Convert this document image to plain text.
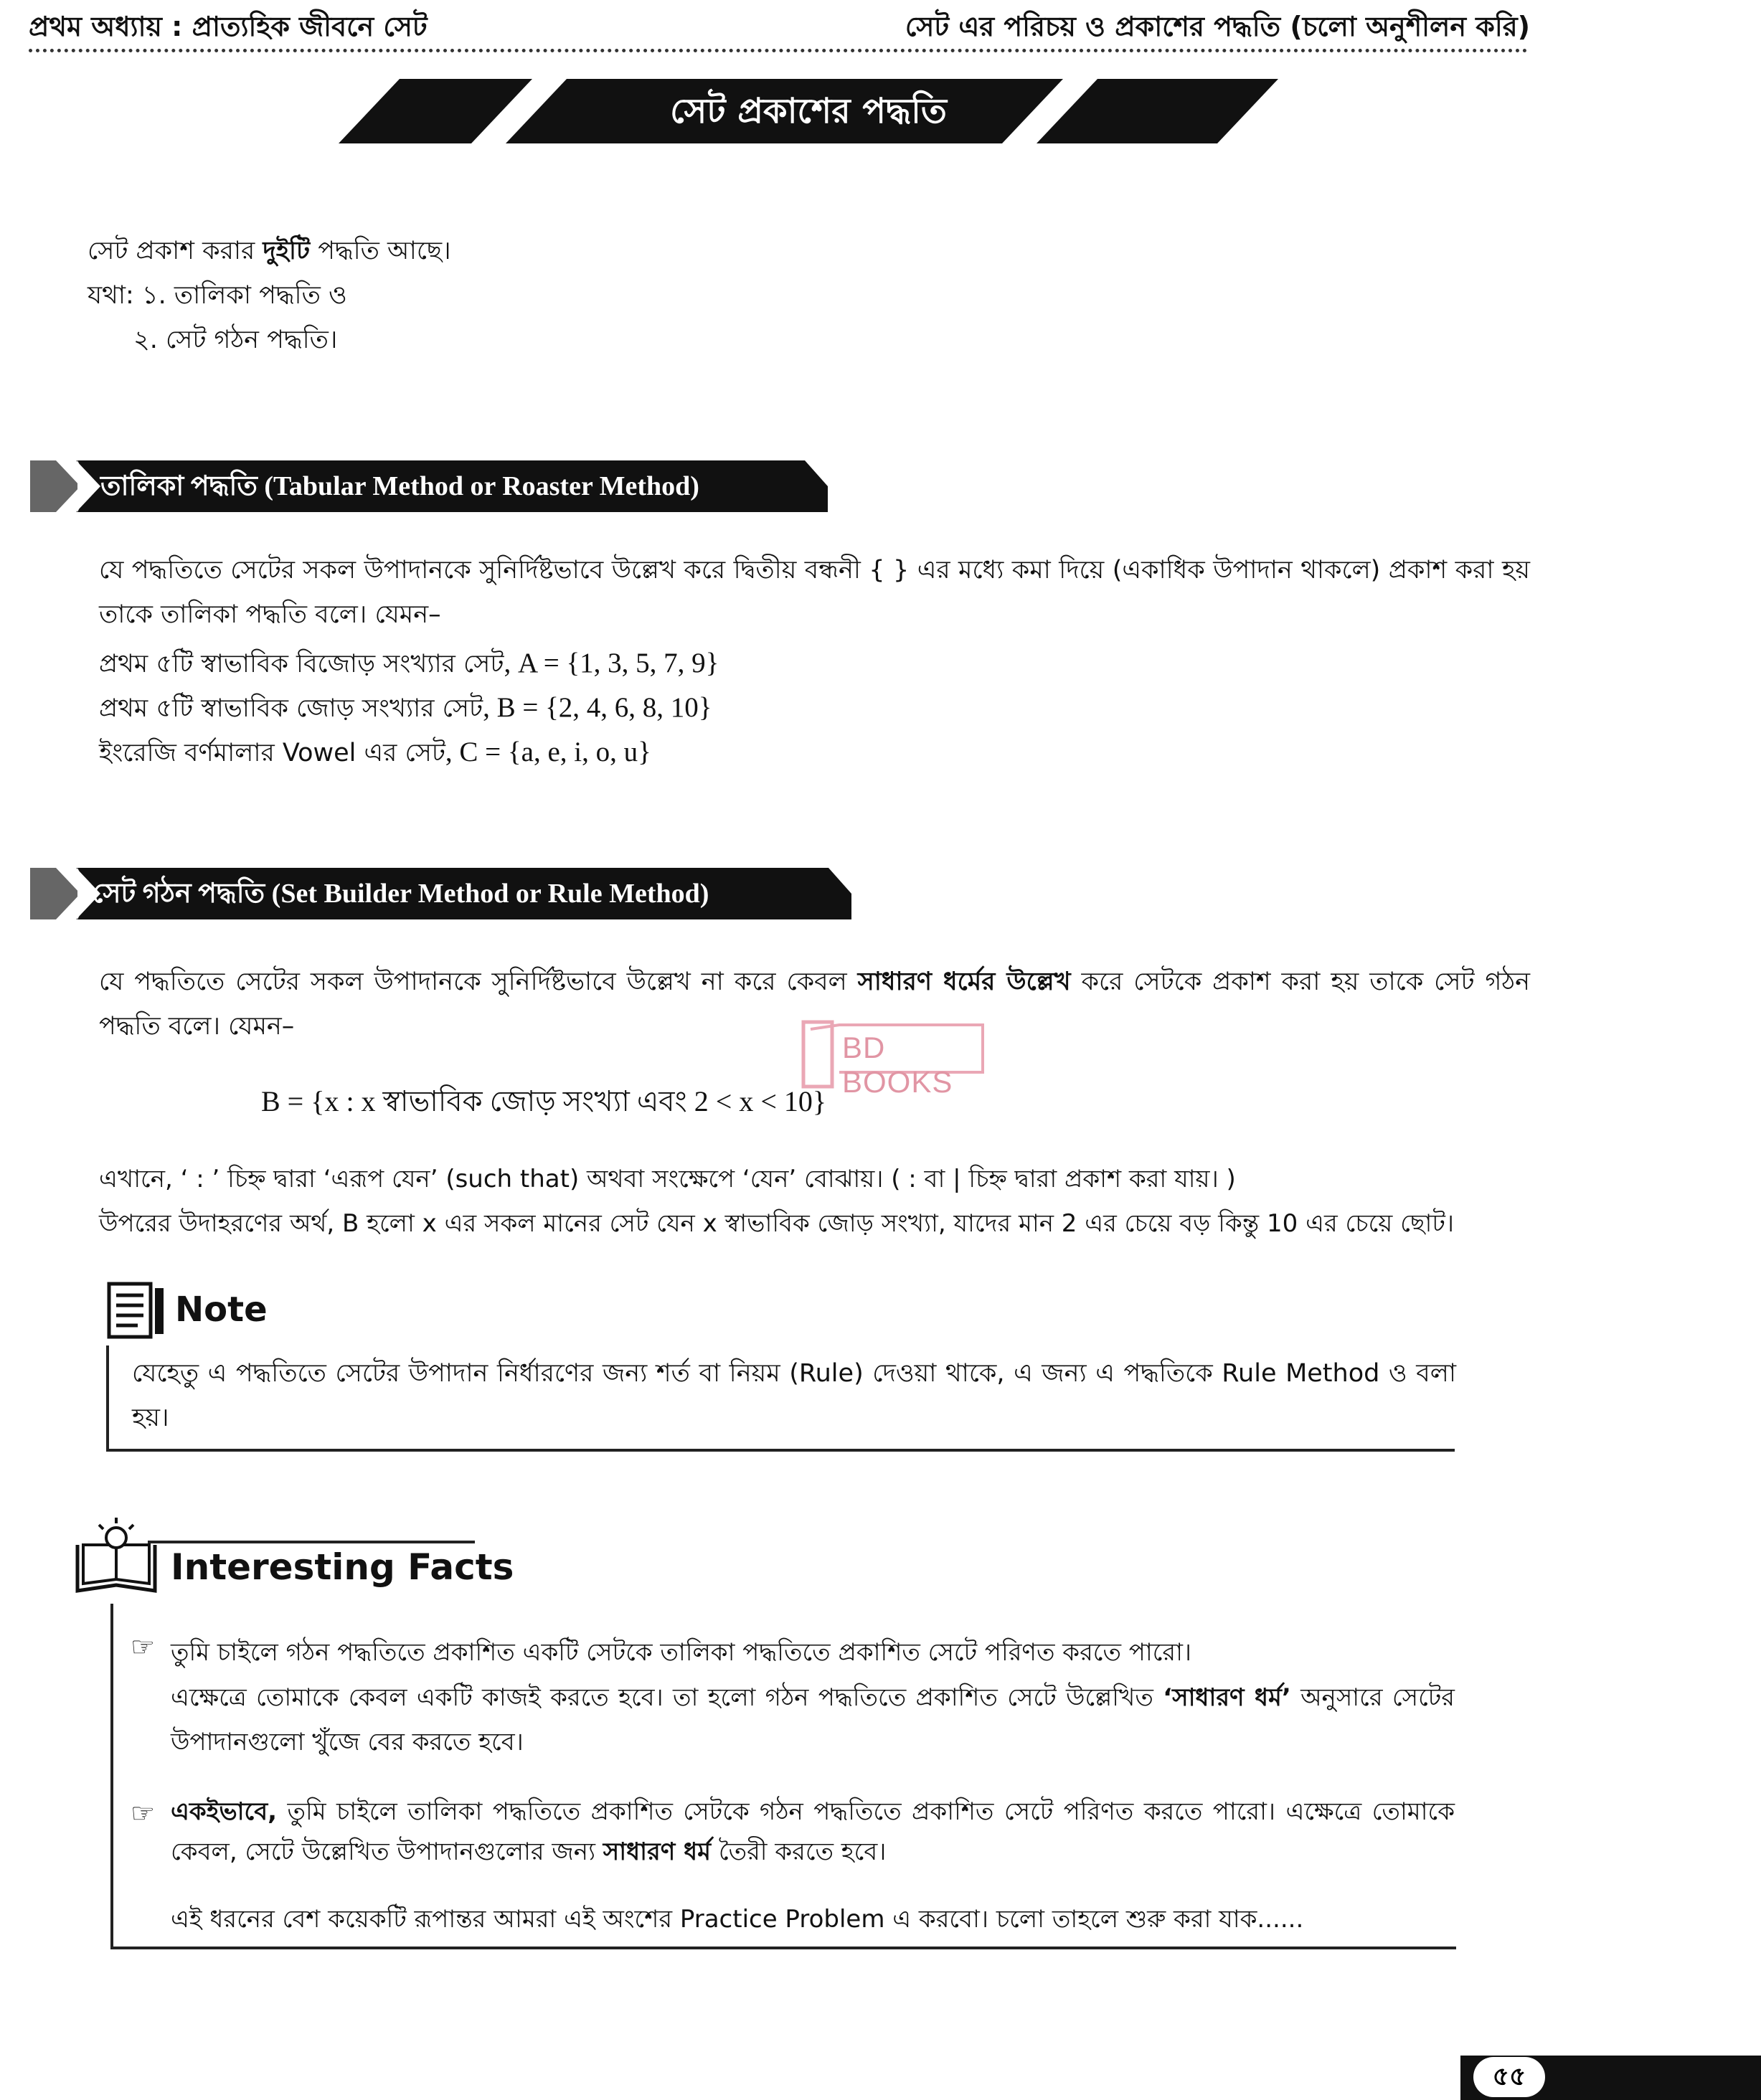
প্রথম অধ্যায় : প্রাত্যহিক জীবনে সেট	সেট এর পরিচয় ও প্রকাশের পদ্ধতি (চলো অনুশীলন করি)
সেট প্রকাশের পদ্ধতি
সেট প্রকাশ করার দুইটি পদ্ধতি আছে।
যথা: ১. তালিকা পদ্ধতি ও
২. সেট গঠন পদ্ধতি।
তালিকা পদ্ধতি (Tabular Method or Roaster Method)
যে পদ্ধতিতে সেটের সকল উপাদানকে সুনির্দিষ্টভাবে উল্লেখ করে দ্বিতীয় বন্ধনী { } এর মধ্যে কমা দিয়ে (একাধিক উপাদান থাকলে) প্রকাশ করা হয় তাকে তালিকা পদ্ধতি বলে। যেমন–
প্রথম ৫টি স্বাভাবিক বিজোড় সংখ্যার সেট, A = {1, 3, 5, 7, 9}
প্রথম ৫টি স্বাভাবিক জোড় সংখ্যার সেট, B = {2, 4, 6, 8, 10}
ইংরেজি বর্ণমালার Vowel এর সেট, C = {a, e, i, o, u}
সেট গঠন পদ্ধতি (Set Builder Method or Rule Method)
যে পদ্ধতিতে সেটের সকল উপাদানকে সুনির্দিষ্টভাবে উল্লেখ না করে কেবল সাধারণ ধর্মের উল্লেখ করে সেটকে প্রকাশ করা হয় তাকে সেট গঠন পদ্ধতি বলে। যেমন–
BD BOOKS
B = {x : x স্বাভাবিক জোড় সংখ্যা এবং 2 < x < 10}
এখানে, ‘ : ’ চিহ্ন দ্বারা ‘এরূপ যেন’ (such that) অথবা সংক্ষেপে ‘যেন’ বোঝায়। ( : বা | চিহ্ন দ্বারা প্রকাশ করা যায়। )
উপরের উদাহরণের অর্থ, B হলো x এর সকল মানের সেট যেন x স্বাভাবিক জোড় সংখ্যা, যাদের মান 2 এর চেয়ে বড় কিন্তু 10 এর চেয়ে ছোট।
Note
যেহেতু এ পদ্ধতিতে সেটের উপাদান নির্ধারণের জন্য শর্ত বা নিয়ম (Rule) দেওয়া থাকে, এ জন্য এ পদ্ধতিকে Rule Method ও বলা হয়।
Interesting Facts
☞ তুমি চাইলে গঠন পদ্ধতিতে প্রকাশিত একটি সেটকে তালিকা পদ্ধতিতে প্রকাশিত সেটে পরিণত করতে পারো।
এক্ষেত্রে তোমাকে কেবল একটি কাজই করতে হবে। তা হলো গঠন পদ্ধতিতে প্রকাশিত সেটে উল্লেখিত ‘সাধারণ ধর্ম’ অনুসারে সেটের উপাদানগুলো খুঁজে বের করতে হবে।
☞ একইভাবে, তুমি চাইলে তালিকা পদ্ধতিতে প্রকাশিত সেটকে গঠন পদ্ধতিতে প্রকাশিত সেটে পরিণত করতে পারো। এক্ষেত্রে তোমাকে কেবল, সেটে উল্লেখিত উপাদানগুলোর জন্য সাধারণ ধর্ম তৈরী করতে হবে।
এই ধরনের বেশ কয়েকটি রূপান্তর আমরা এই অংশের Practice Problem এ করবো। চলো তাহলে শুরু করা যাক......
৫৫
